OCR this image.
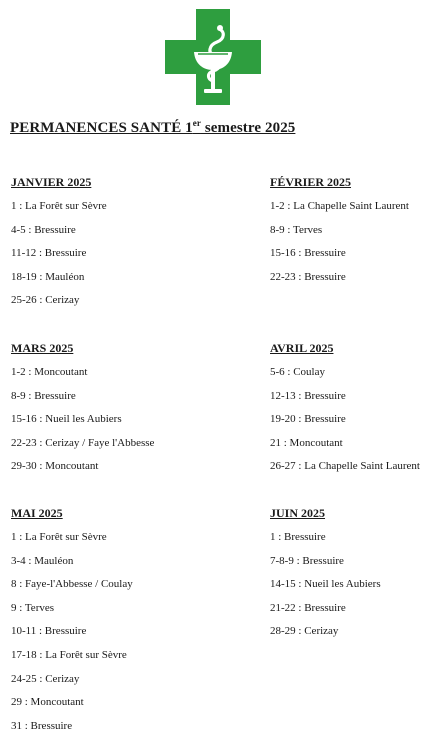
PERMANENCES SANTÉ 1er semestre 2025
JANVIER 2025
1 : La Forêt sur Sèvre
4-5 : Bressuire
11-12 : Bressuire
18-19 : Mauléon
25-26 : Cerizay
FÉVRIER 2025
1-2 : La Chapelle Saint Laurent
8-9 : Terves
15-16 : Bressuire
22-23 : Bressuire
MARS 2025
1-2 : Moncoutant
8-9 : Bressuire
15-16 : Nueil les Aubiers
22-23 : Cerizay / Faye l'Abbesse
29-30 : Moncoutant
AVRIL 2025
5-6 : Coulay
12-13 : Bressuire
19-20 : Bressuire
21 : Moncoutant
26-27 : La Chapelle Saint Laurent
MAI 2025
1 : La Forêt sur Sèvre
3-4 : Mauléon
8 : Faye-l'Abbesse / Coulay
9 : Terves
10-11 : Bressuire
17-18 : La Forêt sur Sèvre
24-25 : Cerizay
29 : Moncoutant
31 : Bressuire
JUIN 2025
1 : Bressuire
7-8-9 : Bressuire
14-15 : Nueil les Aubiers
21-22 : Bressuire
28-29 : Cerizay
